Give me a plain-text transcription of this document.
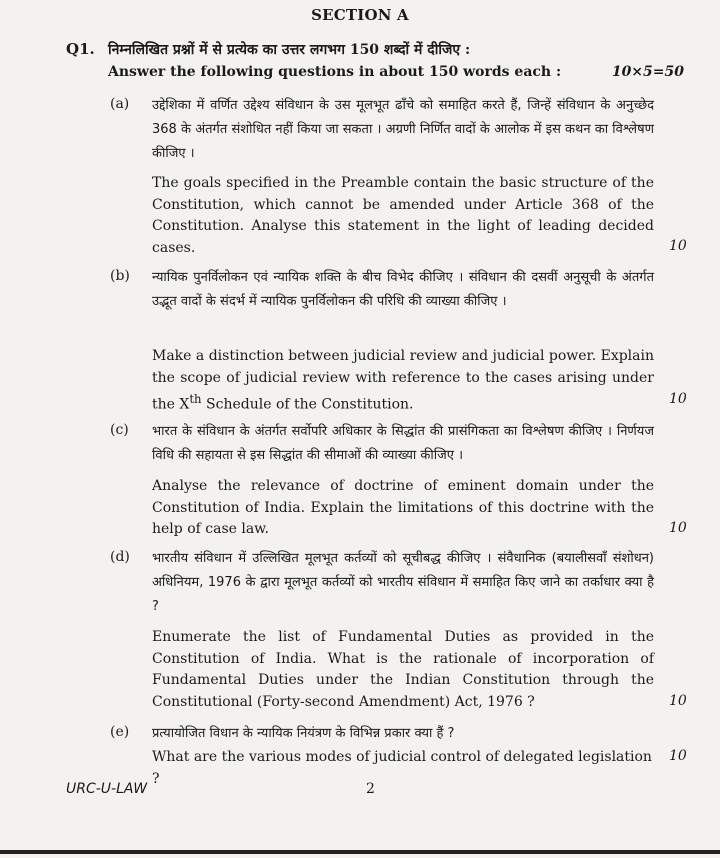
SECTION A
Q1. निम्नलिखित प्रश्नों में से प्रत्येक का उत्तर लगभग 150 शब्दों में दीजिए :
Answer the following questions in about 150 words each :	10×5=50
(a) उद्देशिका में वर्णित उद्देश्य संविधान के उस मूलभूत ढाँचे को समाहित करते हैं, जिन्हें संविधान के अनुच्छेद 368 के अंतर्गत संशोधित नहीं किया जा सकता । अग्रणी निर्णित वादों के आलोक में इस कथन का विश्लेषण कीजिए ।
The goals specified in the Preamble contain the basic structure of the Constitution, which cannot be amended under Article 368 of the Constitution. Analyse this statement in the light of leading decided cases.	10
(b) न्यायिक पुनर्विलोकन एवं न्यायिक शक्ति के बीच विभेद कीजिए । संविधान की दसवीं अनुसूची के अंतर्गत उद्भूत वादों के संदर्भ में न्यायिक पुनर्विलोकन की परिधि की व्याख्या कीजिए ।
Make a distinction between judicial review and judicial power. Explain the scope of judicial review with reference to the cases arising under the Xth Schedule of the Constitution.	10
(c) भारत के संविधान के अंतर्गत सर्वोपरि अधिकार के सिद्धांत की प्रासंगिकता का विश्लेषण कीजिए । निर्णयज विधि की सहायता से इस सिद्धांत की सीमाओं की व्याख्या कीजिए ।
Analyse the relevance of doctrine of eminent domain under the Constitution of India. Explain the limitations of this doctrine with the help of case law.	10
(d) भारतीय संविधान में उल्लिखित मूलभूत कर्तव्यों को सूचीबद्ध कीजिए । संवैधानिक (बयालीसवाँ संशोधन) अधिनियम, 1976 के द्वारा मूलभूत कर्तव्यों को भारतीय संविधान में समाहित किए जाने का तर्काधार क्या है ?
Enumerate the list of Fundamental Duties as provided in the Constitution of India. What is the rationale of incorporation of Fundamental Duties under the Indian Constitution through the Constitutional (Forty-second Amendment) Act, 1976 ?	10
(e) प्रत्यायोजित विधान के न्यायिक नियंत्रण के विभिन्न प्रकार क्या हैं ?
What are the various modes of judicial control of delegated legislation ?
10
URC-U-LAW	2
